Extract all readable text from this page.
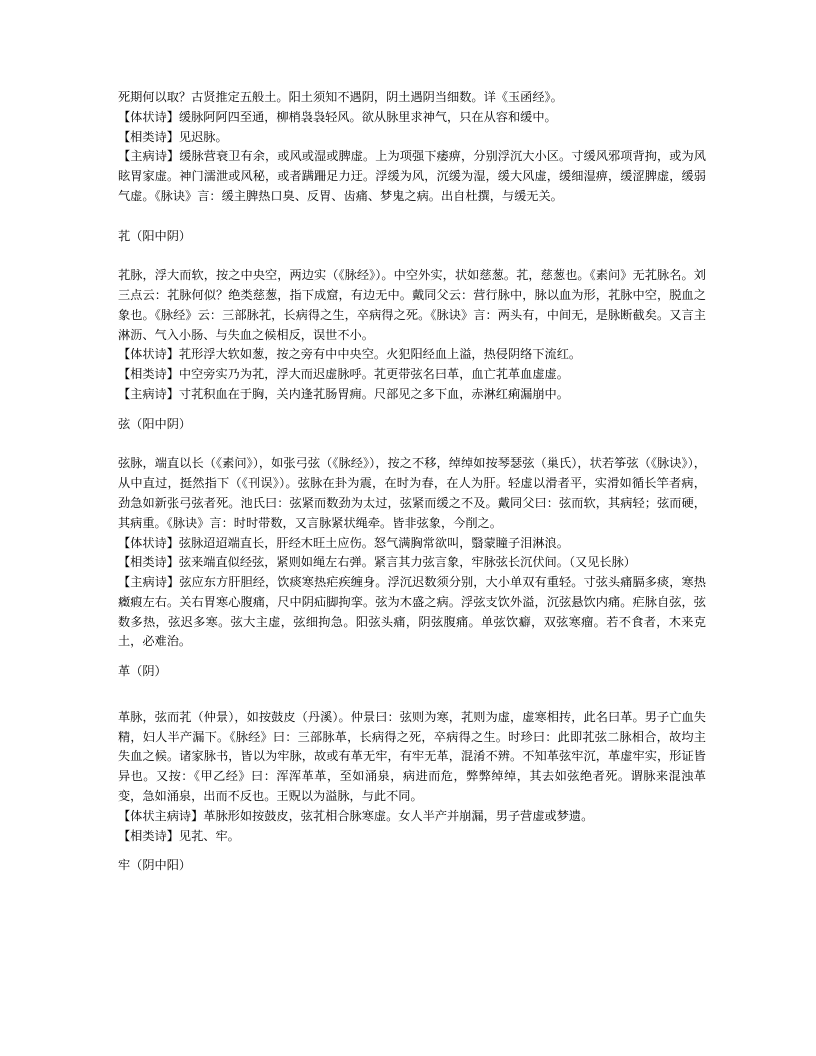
死期何以取？古贤推定五般土。阳土须知不遇阴，阴土遇阴当细数。详《玉函经》。

【体状诗】缓脉阿阿四至通，柳梢袅袅轻风。欲从脉里求神气，只在从容和缓中。

【相类诗】见迟脉。

【主病诗】缓脉营衰卫有余，或风或湿或脾虚。上为项强下痿痹，分别浮沉大小区。寸缓风邪项背拘，或为风眩胃家虚。神门濡泄或风秘，或者蹒跚足力迂。浮缓为风，沉缓为湿，缓大风虚，缓细湿痹，缓涩脾虚，缓弱气虚。《脉诀》言：缓主脾热口臭、反胃、齿痛、梦鬼之病。出自杜撰，与缓无关。

芤（阳中阴）

芤脉，浮大而软，按之中央空，两边实（《脉经》）。中空外实，状如慈葱。芤，慈葱也。《素问》无芤脉名。刘三点云：芤脉何似？绝类慈葱，指下成窟，有边无中。戴同父云：营行脉中，脉以血为形，芤脉中空，脱血之象也。《脉经》云：三部脉芤，长病得之生，卒病得之死。《脉诀》言：两头有，中间无，是脉断截矣。又言主淋沥、气入小肠、与失血之候相反，误世不小。

【体状诗】芤形浮大软如葱，按之旁有中中央空。火犯阳经血上溢，热侵阴络下流红。

【相类诗】中空旁实乃为芤，浮大而迟虚脉呼。芤更带弦名曰革，血亡芤革血虚虚。

【主病诗】寸芤积血在于胸，关内逢芤肠胃痈。尺部见之多下血，赤淋红痢漏崩中。

弦（阳中阴）

弦脉，端直以长（《素问》），如张弓弦（《脉经》），按之不移，绰绰如按琴瑟弦（巢氏），状若筝弦（《脉诀》），从中直过，挺然指下（《刊误》）。弦脉在卦为震，在时为春，在人为肝。轻虚以滑者平，实滑如循长竿者病，劲急如新张弓弦者死。池氏曰：弦紧而数劲为太过，弦紧而缓之不及。戴同父曰：弦而软，其病轻；弦而硬，其病重。《脉诀》言：时时带数，又言脉紧状绳牵。皆非弦象，今削之。

【体状诗】弦脉迢迢端直长，肝经木旺土应伤。怒气满胸常欲叫，翳蒙瞳子泪淋浪。

【相类诗】弦来端直似经弦，紧则如绳左右弹。紧言其力弦言象，牢脉弦长沉伏间。（又见长脉）

【主病诗】弦应东方肝胆经，饮痰寒热疟疾缠身。浮沉迟数须分别，大小单双有重轻。寸弦头痛膈多痰，寒热癥瘕左右。关右胃寒心腹痛，尺中阴疝脚拘挛。弦为木盛之病。浮弦支饮外溢，沉弦悬饮内痛。疟脉自弦，弦数多热，弦迟多寒。弦大主虚，弦细拘急。阳弦头痛，阴弦腹痛。单弦饮癖，双弦寒瘤。若不食者，木来克土，必难治。

革（阴）

革脉，弦而芤（仲景），如按鼓皮（丹溪）。仲景曰：弦则为寒，芤则为虚，虚寒相抟，此名曰革。男子亡血失精，妇人半产漏下。《脉经》曰：三部脉革，长病得之死，卒病得之生。时珍曰：此即芤弦二脉相合，故均主失血之候。诸家脉书，皆以为牢脉，故或有革无牢，有牢无革，混淆不辨。不知革弦牢沉，革虚牢实，形证皆异也。又按：《甲乙经》曰：浑浑革革，至如涌泉，病进而危，弊弊绰绰，其去如弦绝者死。谓脉来混浊革变，急如涌泉，出而不反也。王贶以为溢脉，与此不同。

【体状主病诗】革脉形如按鼓皮，弦芤相合脉寒虚。女人半产并崩漏，男子营虚或梦遗。

【相类诗】见芤、牢。

牢（阴中阳）
